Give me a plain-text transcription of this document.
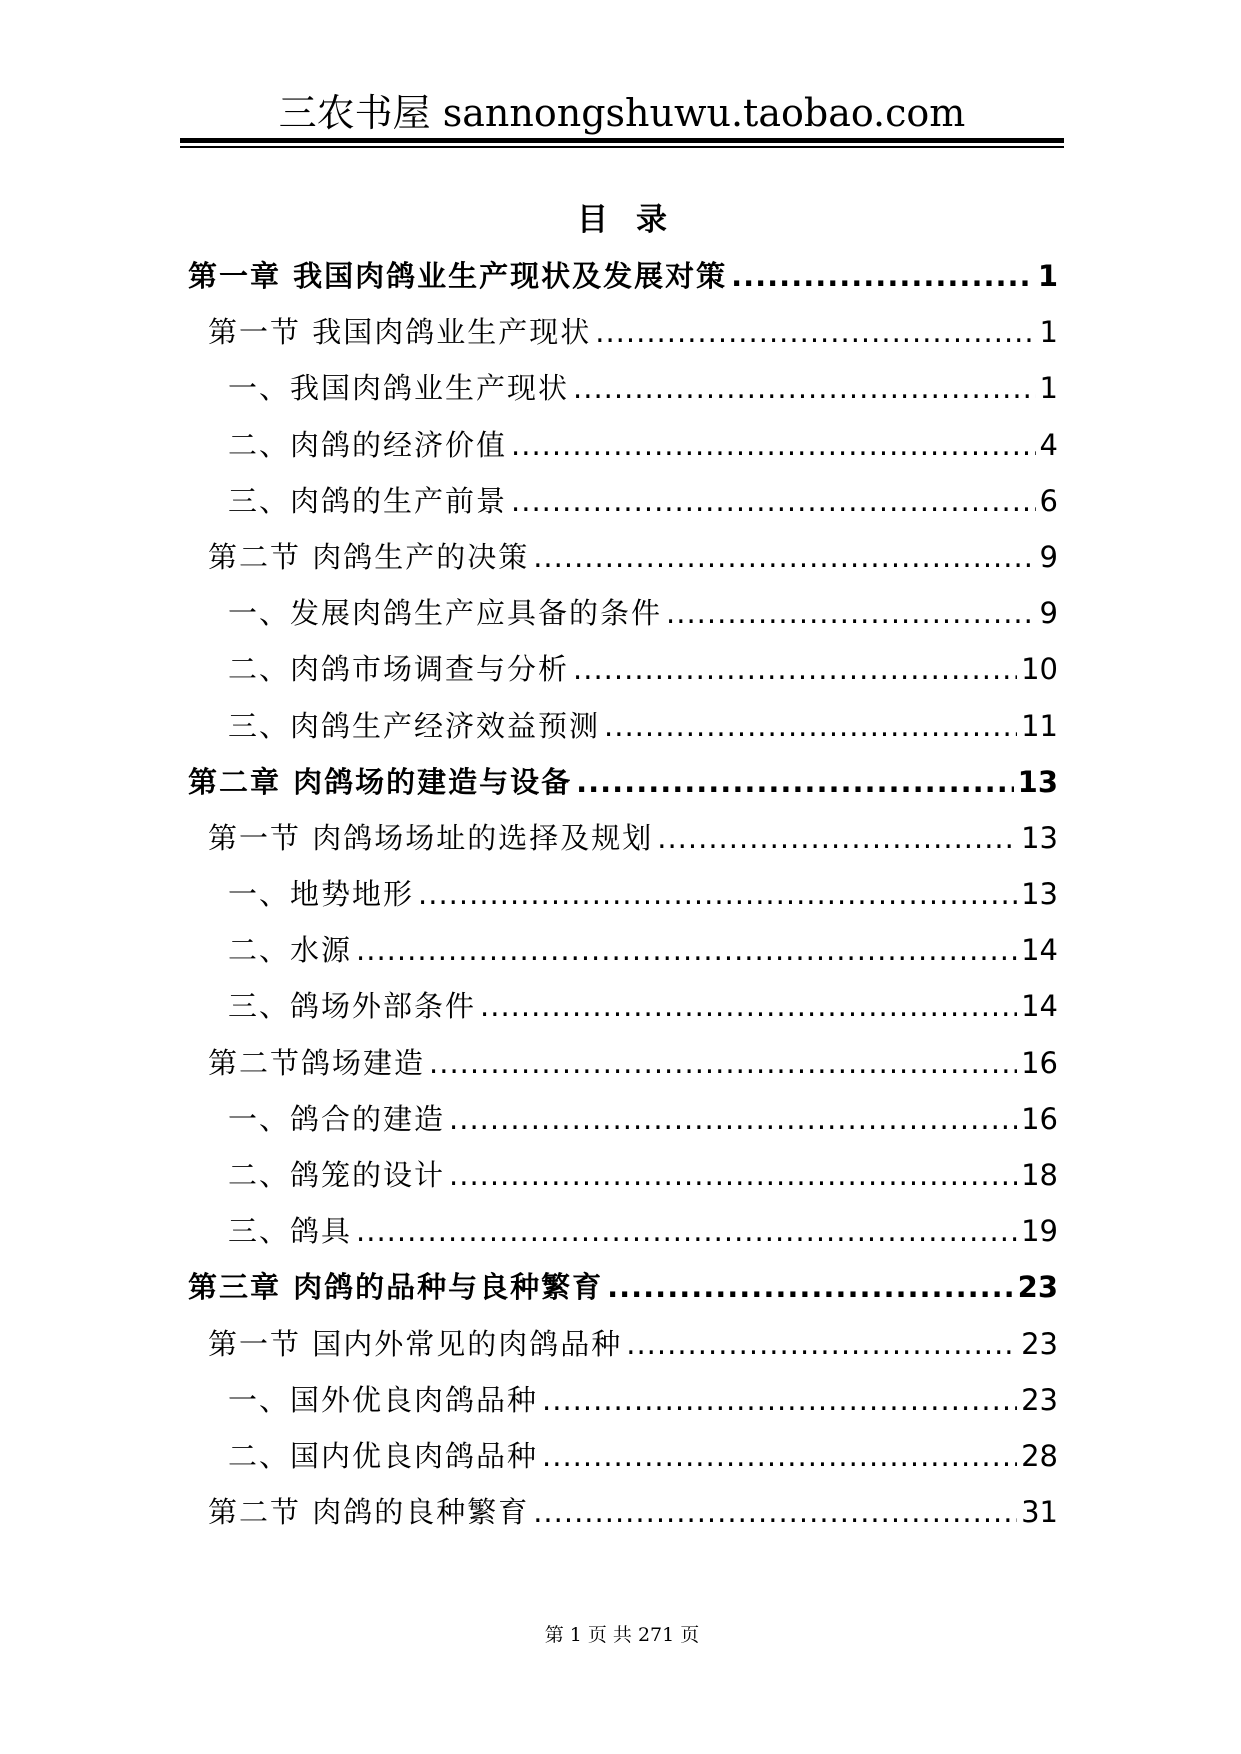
三农书屋 sannongshuwu.taobao.com
目录
第一章 我国肉鸽业生产现状及发展对策 .....	1
第一节 我国肉鸽业生产现状 .....	1
一、我国肉鸽业生产现状 .....	1
二、肉鸽的经济价值 .....	4
三、肉鸽的生产前景 .....	6
第二节 肉鸽生产的决策 .....	9
一、发展肉鸽生产应具备的条件 .....	9
二、肉鸽市场调查与分析 .....	10
三、肉鸽生产经济效益预测 .....	11
第二章 肉鸽场的建造与设备 .....	13
第一节 肉鸽场场址的选择及规划 .....	13
一、地势地形 .....	13
二、水源 .....	14
三、鸽场外部条件 .....	14
第二节鸽场建造 .....	16
一、鸽合的建造 .....	16
二、鸽笼的设计 .....	18
三、鸽具 .....	19
第三章 肉鸽的品种与良种繁育 .....	23
第一节 国内外常见的肉鸽品种 .....	23
一、国外优良肉鸽品种 .....	23
二、国内优良肉鸽品种 .....	28
第二节 肉鸽的良种繁育 .....	31
第 1 页 共 271 页
